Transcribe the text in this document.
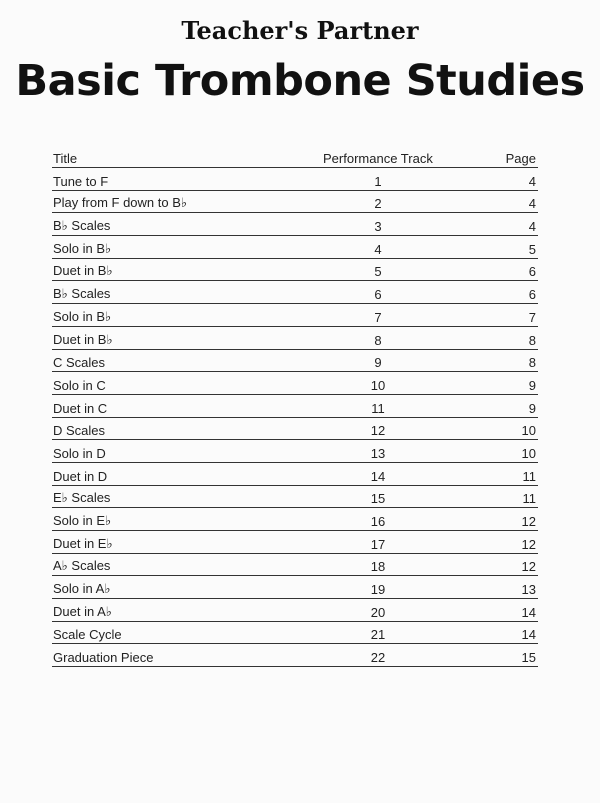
Teacher's Partner
Basic Trombone Studies
Title	Performance Track	Page
Tune to F	1	4
Play from F down to B♭	2	4
B♭ Scales	3	4
Solo in B♭	4	5
Duet in B♭	5	6
B♭ Scales	6	6
Solo in B♭	7	7
Duet in B♭	8	8
C Scales	9	8
Solo in C	10	9
Duet in C	11	9
D Scales	12	10
Solo in D	13	10
Duet in D	14	11
E♭ Scales	15	11
Solo in E♭	16	12
Duet in E♭	17	12
A♭ Scales	18	12
Solo in A♭	19	13
Duet in A♭	20	14
Scale Cycle	21	14
Graduation Piece	22	15
